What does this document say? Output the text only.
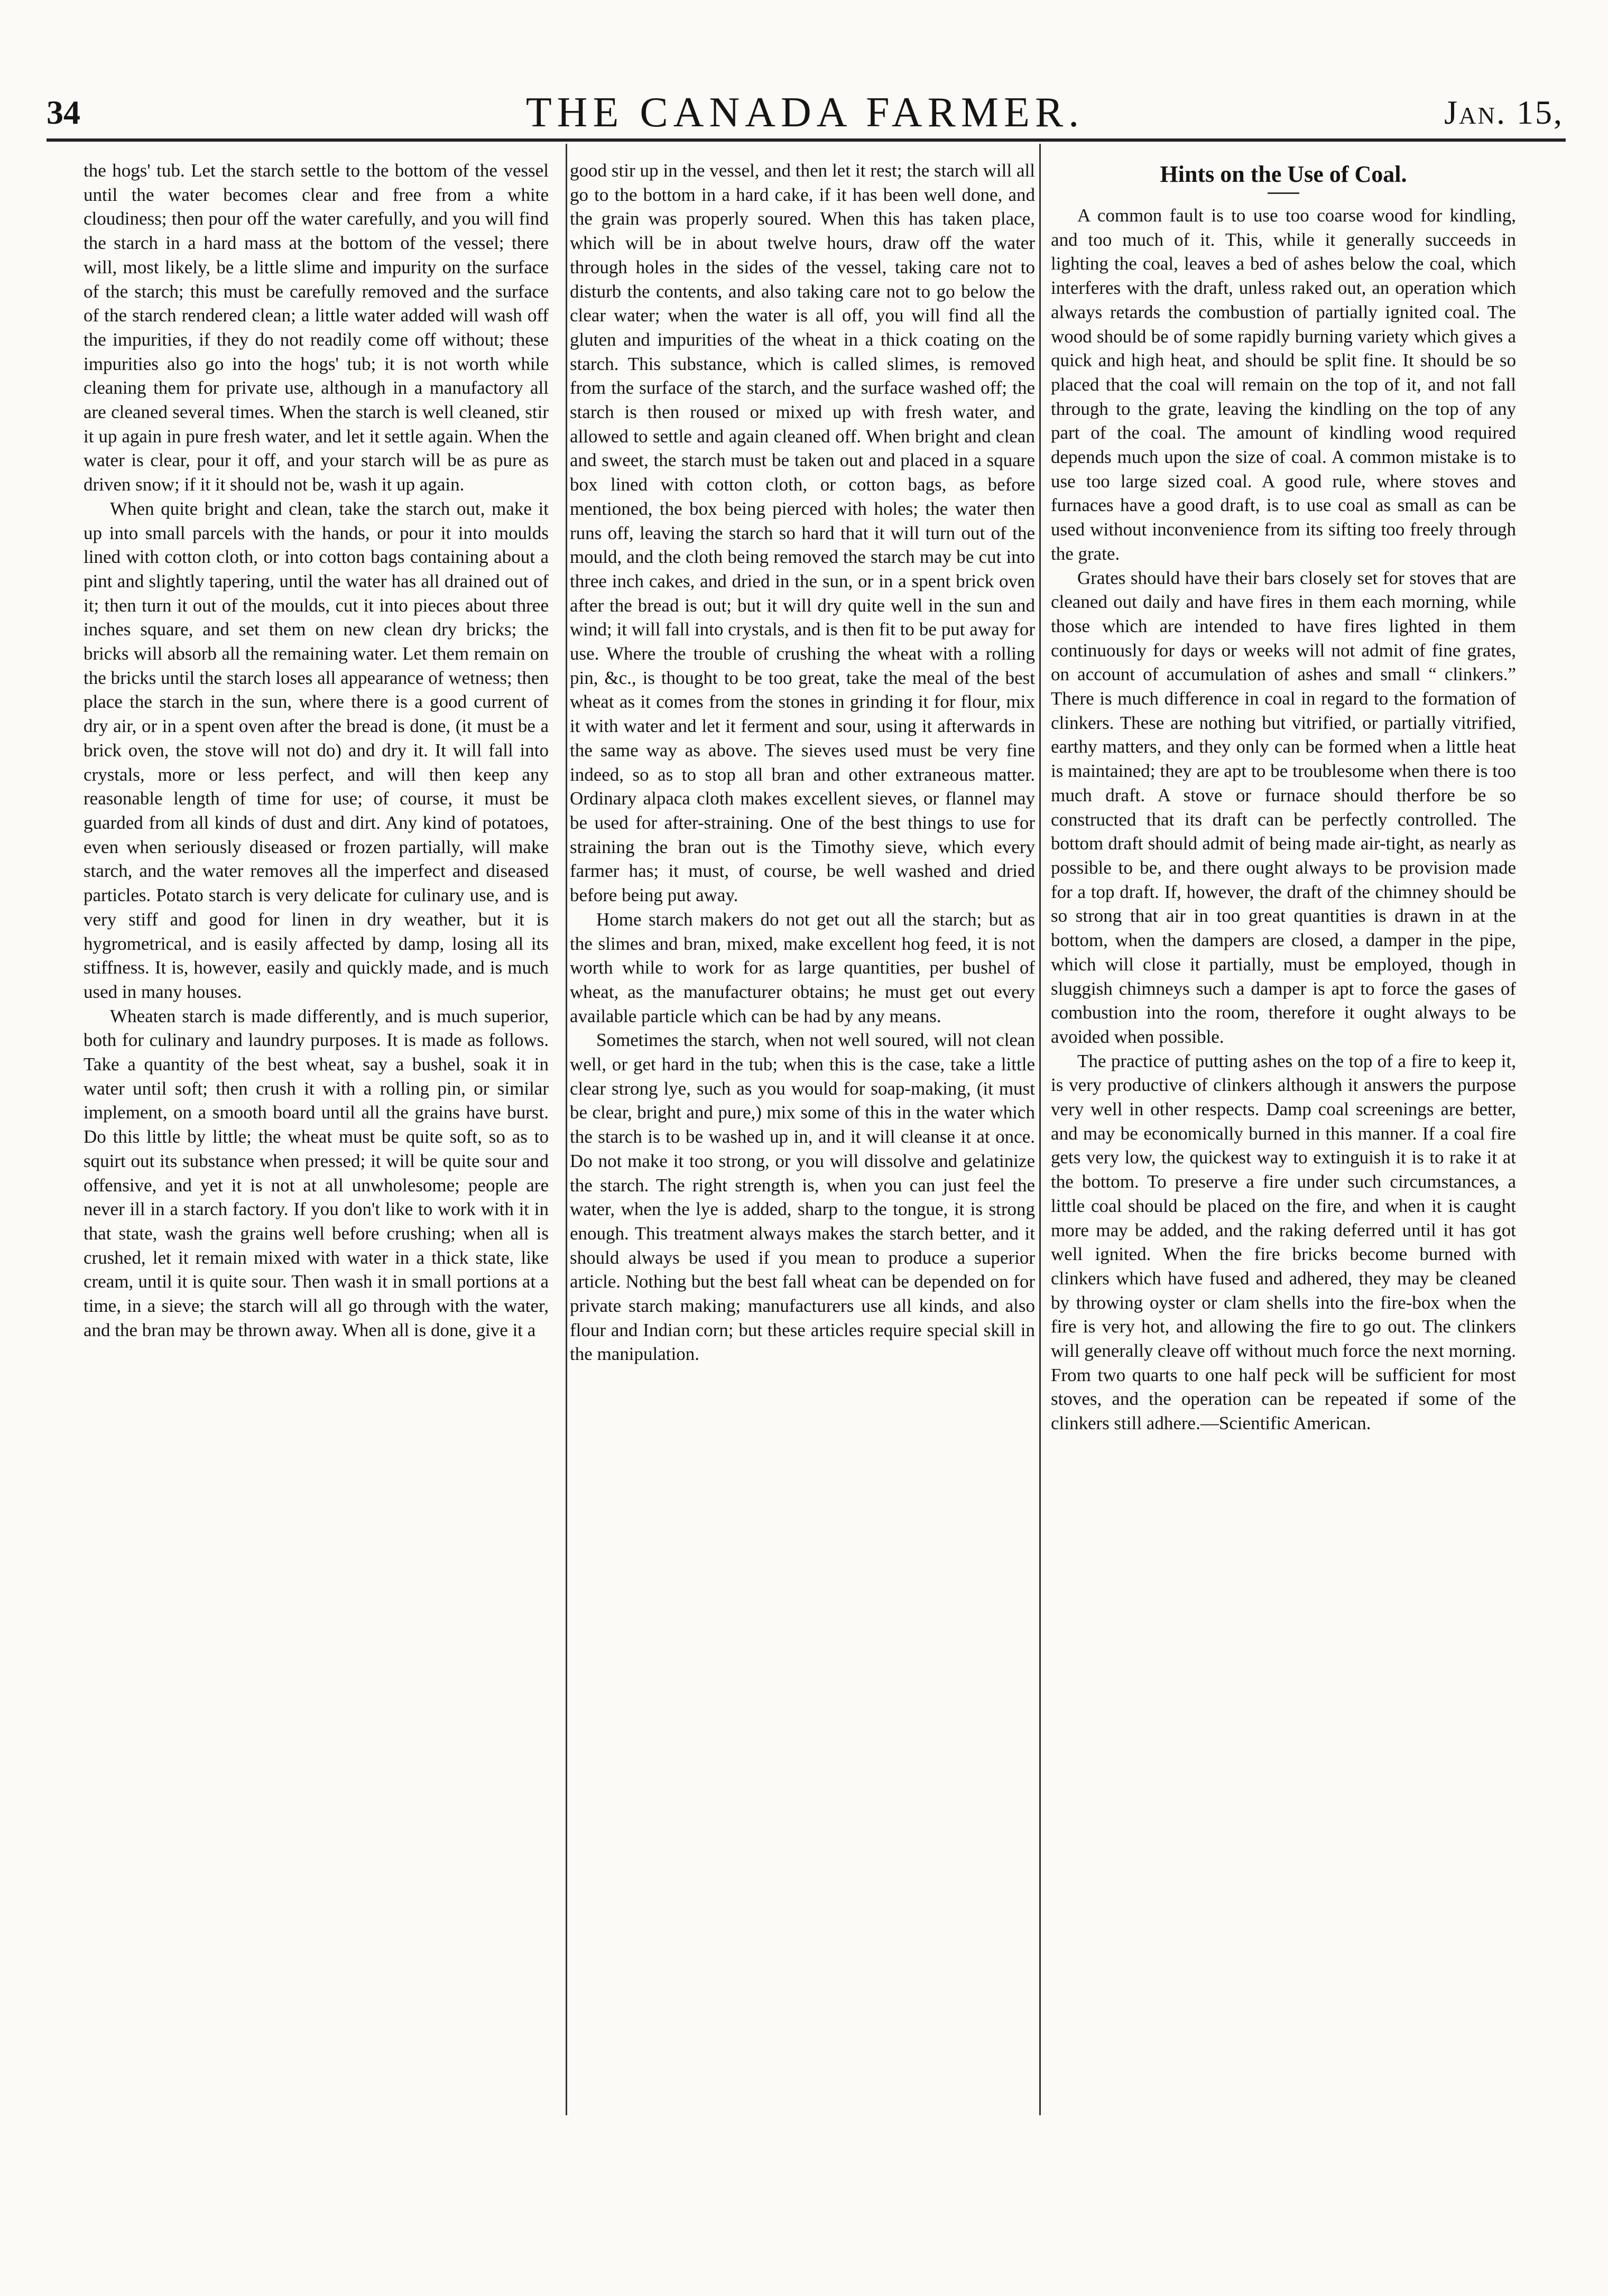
34	THE CANADA FARMER.	Jan. 15,

the hogs' tub. Let the starch settle to the bottom of the vessel until the water becomes clear and free from a white cloudiness; then pour off the water carefully, and you will find the starch in a hard mass at the bottom of the vessel; there will, most likely, be a little slime and impurity on the surface of the starch; this must be carefully removed and the surface of the starch rendered clean; a little water added will wash off the impurities, if they do not readily come off without; these impurities also go into the hogs' tub; it is not worth while cleaning them for private use, although in a manufactory all are cleaned several times. When the starch is well cleaned, stir it up again in pure fresh water, and let it settle again. When the water is clear, pour it off, and your starch will be as pure as driven snow; if it it should not be, wash it up again.

When quite bright and clean, take the starch out, make it up into small parcels with the hands, or pour it into moulds lined with cotton cloth, or into cotton bags containing about a pint and slightly tapering, until the water has all drained out of it; then turn it out of the moulds, cut it into pieces about three inches square, and set them on new clean dry bricks; the bricks will absorb all the remaining water. Let them remain on the bricks until the starch loses all appearance of wetness; then place the starch in the sun, where there is a good current of dry air, or in a spent oven after the bread is done, (it must be a brick oven, the stove will not do) and dry it. It will fall into crystals, more or less perfect, and will then keep any reasonable length of time for use; of course, it must be guarded from all kinds of dust and dirt. Any kind of potatoes, even when seriously diseased or frozen partially, will make starch, and the water removes all the imperfect and diseased particles. Potato starch is very delicate for culinary use, and is very stiff and good for linen in dry weather, but it is hygrometrical, and is easily affected by damp, losing all its stiffness. It is, however, easily and quickly made, and is much used in many houses.

Wheaten starch is made differently, and is much superior, both for culinary and laundry purposes. It is made as follows. Take a quantity of the best wheat, say a bushel, soak it in water until soft; then crush it with a rolling pin, or similar implement, on a smooth board until all the grains have burst. Do this little by little; the wheat must be quite soft, so as to squirt out its substance when pressed; it will be quite sour and offensive, and yet it is not at all unwholesome; people are never ill in a starch factory. If you don't like to work with it in that state, wash the grains well before crushing; when all is crushed, let it remain mixed with water in a thick state, like cream, until it is quite sour. Then wash it in small portions at a time, in a sieve; the starch will all go through with the water, and the bran may be thrown away. When all is done, give it a

good stir up in the vessel, and then let it rest; the starch will all go to the bottom in a hard cake, if it has been well done, and the grain was properly soured. When this has taken place, which will be in about twelve hours, draw off the water through holes in the sides of the vessel, taking care not to disturb the contents, and also taking care not to go below the clear water; when the water is all off, you will find all the gluten and impurities of the wheat in a thick coating on the starch. This substance, which is called slimes, is removed from the surface of the starch, and the surface washed off; the starch is then roused or mixed up with fresh water, and allowed to settle and again cleaned off. When bright and clean and sweet, the starch must be taken out and placed in a square box lined with cotton cloth, or cotton bags, as before mentioned, the box being pierced with holes; the water then runs off, leaving the starch so hard that it will turn out of the mould, and the cloth being removed the starch may be cut into three inch cakes, and dried in the sun, or in a spent brick oven after the bread is out; but it will dry quite well in the sun and wind; it will fall into crystals, and is then fit to be put away for use. Where the trouble of crushing the wheat with a rolling pin, &c., is thought to be too great, take the meal of the best wheat as it comes from the stones in grinding it for flour, mix it with water and let it ferment and sour, using it afterwards in the same way as above. The sieves used must be very fine indeed, so as to stop all bran and other extraneous matter. Ordinary alpaca cloth makes excellent sieves, or flannel may be used for after-straining. One of the best things to use for straining the bran out is the Timothy sieve, which every farmer has; it must, of course, be well washed and dried before being put away.

Home starch makers do not get out all the starch; but as the slimes and bran, mixed, make excellent hog feed, it is not worth while to work for as large quantities, per bushel of wheat, as the manufacturer obtains; he must get out every available particle which can be had by any means.

Sometimes the starch, when not well soured, will not clean well, or get hard in the tub; when this is the case, take a little clear strong lye, such as you would for soap-making, (it must be clear, bright and pure,) mix some of this in the water which the starch is to be washed up in, and it will cleanse it at once. Do not make it too strong, or you will dissolve and gelatinize the starch. The right strength is, when you can just feel the water, when the lye is added, sharp to the tongue, it is strong enough. This treatment always makes the starch better, and it should always be used if you mean to produce a superior article. Nothing but the best fall wheat can be depended on for private starch making; manufacturers use all kinds, and also flour and Indian corn; but these articles require special skill in the manipulation.

Hints on the Use of Coal.

A common fault is to use too coarse wood for kindling, and too much of it. This, while it generally succeeds in lighting the coal, leaves a bed of ashes below the coal, which interferes with the draft, unless raked out, an operation which always retards the combustion of partially ignited coal. The wood should be of some rapidly burning variety which gives a quick and high heat, and should be split fine. It should be so placed that the coal will remain on the top of it, and not fall through to the grate, leaving the kindling on the top of any part of the coal. The amount of kindling wood required depends much upon the size of coal. A common mistake is to use too large sized coal. A good rule, where stoves and furnaces have a good draft, is to use coal as small as can be used without inconvenience from its sifting too freely through the grate.

Grates should have their bars closely set for stoves that are cleaned out daily and have fires in them each morning, while those which are intended to have fires lighted in them continuously for days or weeks will not admit of fine grates, on account of accumulation of ashes and small “ clinkers.” There is much difference in coal in regard to the formation of clinkers. These are nothing but vitrified, or partially vitrified, earthy matters, and they only can be formed when a little heat is maintained; they are apt to be troublesome when there is too much draft. A stove or furnace should therfore be so constructed that its draft can be perfectly controlled. The bottom draft should admit of being made air-tight, as nearly as possible to be, and there ought always to be provision made for a top draft. If, however, the draft of the chimney should be so strong that air in too great quantities is drawn in at the bottom, when the dampers are closed, a damper in the pipe, which will close it partially, must be employed, though in sluggish chimneys such a damper is apt to force the gases of combustion into the room, therefore it ought always to be avoided when possible.

The practice of putting ashes on the top of a fire to keep it, is very productive of clinkers although it answers the purpose very well in other respects. Damp coal screenings are better, and may be economically burned in this manner. If a coal fire gets very low, the quickest way to extinguish it is to rake it at the bottom. To preserve a fire under such circumstances, a little coal should be placed on the fire, and when it is caught more may be added, and the raking deferred until it has got well ignited. When the fire bricks become burned with clinkers which have fused and adhered, they may be cleaned by throwing oyster or clam shells into the fire-box when the fire is very hot, and allowing the fire to go out. The clinkers will generally cleave off without much force the next morning. From two quarts to one half peck will be sufficient for most stoves, and the operation can be repeated if some of the clinkers still adhere.—Scientific American.
